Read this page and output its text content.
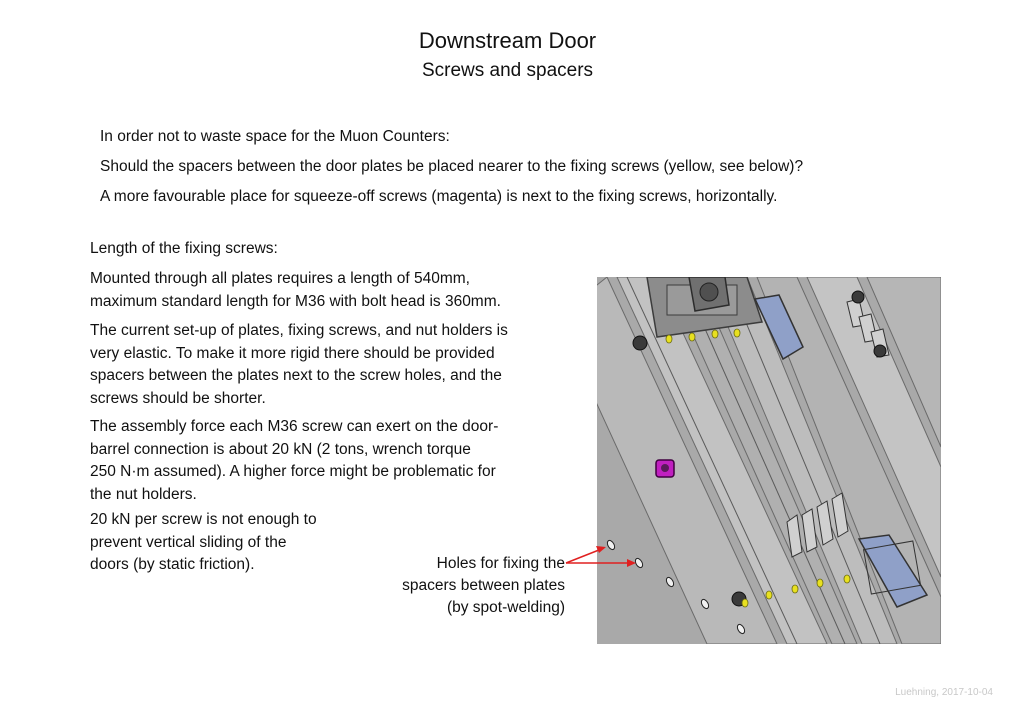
Downstream Door
Screws and spacers
In order not to waste space for the Muon Counters:
Should the spacers between the door plates be placed nearer to the fixing screws (yellow, see below)?
A more favourable place for squeeze-off screws (magenta) is next to the fixing screws, horizontally.
Length of the fixing screws:
Mounted through all plates requires a length of 540mm,
maximum standard length for M36 with bolt head is 360mm.
The current set-up of plates, fixing screws, and nut holders is
very elastic. To make it more rigid there should be provided
spacers between the plates next to the screw holes, and the
screws should be shorter.
The assembly force each M36 screw can exert on the door-
barrel connection is about 20 kN (2 tons, wrench torque
250 N·m assumed). A higher force might be problematic for
the nut holders.
20 kN per screw is not enough to
prevent vertical sliding of the
doors (by static friction).	Holes for fixing the
spacers between plates
(by spot-welding)
Luehning, 2017-10-04
